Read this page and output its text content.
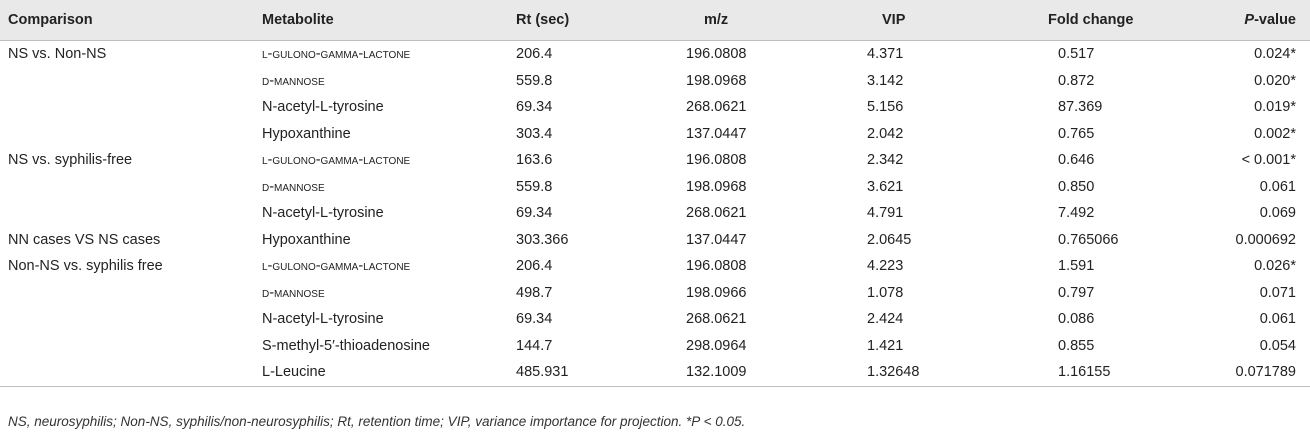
Comparison	Metabolite	Rt (sec)	m/z	VIP	Fold change	P-value
NS vs. Non-NS	l-gulono-gamma-lactone	206.4	196.0808	4.371	0.517	0.024*
	d-mannose	559.8	198.0968	3.142	0.872	0.020*
	N-acetyl-L-tyrosine	69.34	268.0621	5.156	87.369	0.019*
	Hypoxanthine	303.4	137.0447	2.042	0.765	0.002*
NS vs. syphilis-free	l-gulono-gamma-lactone	163.6	196.0808	2.342	0.646	< 0.001*
	d-mannose	559.8	198.0968	3.621	0.850	0.061
	N-acetyl-L-tyrosine	69.34	268.0621	4.791	7.492	0.069
NN cases VS NS cases	Hypoxanthine	303.366	137.0447	2.0645	0.765066	0.000692
Non-NS vs. syphilis free	l-gulono-gamma-lactone	206.4	196.0808	4.223	1.591	0.026*
	d-mannose	498.7	198.0966	1.078	0.797	0.071
	N-acetyl-L-tyrosine	69.34	268.0621	2.424	0.086	0.061
	S-methyl-5′-thioadenosine	144.7	298.0964	1.421	0.855	0.054
	L-Leucine	485.931	132.1009	1.32648	1.16155	0.071789
NS, neurosyphilis; Non-NS, syphilis/non-neurosyphilis; Rt, retention time; VIP, variance importance for projection. *P < 0.05.
